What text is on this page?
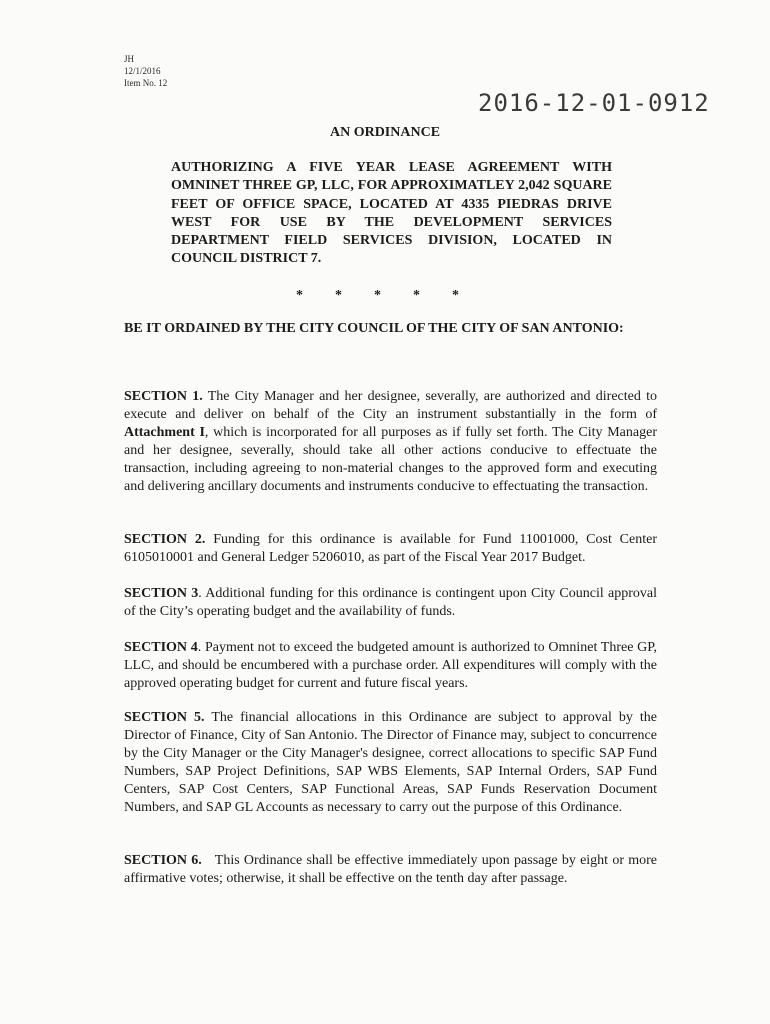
JH
12/1/2016
Item No. 12
2016-12-01-0912
AN ORDINANCE
AUTHORIZING A FIVE YEAR LEASE AGREEMENT WITH OMNINET THREE GP, LLC, FOR APPROXIMATLEY 2,042 SQUARE FEET OF OFFICE SPACE, LOCATED AT 4335 PIEDRAS DRIVE WEST FOR USE BY THE DEVELOPMENT SERVICES DEPARTMENT FIELD SERVICES DIVISION, LOCATED IN COUNCIL DISTRICT 7.
* * * * *
BE IT ORDAINED BY THE CITY COUNCIL OF THE CITY OF SAN ANTONIO:

SECTION 1. The City Manager and her designee, severally, are authorized and directed to execute and deliver on behalf of the City an instrument substantially in the form of Attachment I, which is incorporated for all purposes as if fully set forth. The City Manager and her designee, severally, should take all other actions conducive to effectuate the transaction, including agreeing to non-material changes to the approved form and executing and delivering ancillary documents and instruments conducive to effectuating the transaction.

SECTION 2. Funding for this ordinance is available for Fund 11001000, Cost Center 6105010001 and General Ledger 5206010, as part of the Fiscal Year 2017 Budget.

SECTION 3. Additional funding for this ordinance is contingent upon City Council approval of the City’s operating budget and the availability of funds.

SECTION 4. Payment not to exceed the budgeted amount is authorized to Omninet Three GP, LLC, and should be encumbered with a purchase order. All expenditures will comply with the approved operating budget for current and future fiscal years.

SECTION 5. The financial allocations in this Ordinance are subject to approval by the Director of Finance, City of San Antonio. The Director of Finance may, subject to concurrence by the City Manager or the City Manager's designee, correct allocations to specific SAP Fund Numbers, SAP Project Definitions, SAP WBS Elements, SAP Internal Orders, SAP Fund Centers, SAP Cost Centers, SAP Functional Areas, SAP Funds Reservation Document Numbers, and SAP GL Accounts as necessary to carry out the purpose of this Ordinance.

SECTION 6. This Ordinance shall be effective immediately upon passage by eight or more affirmative votes; otherwise, it shall be effective on the tenth day after passage.
